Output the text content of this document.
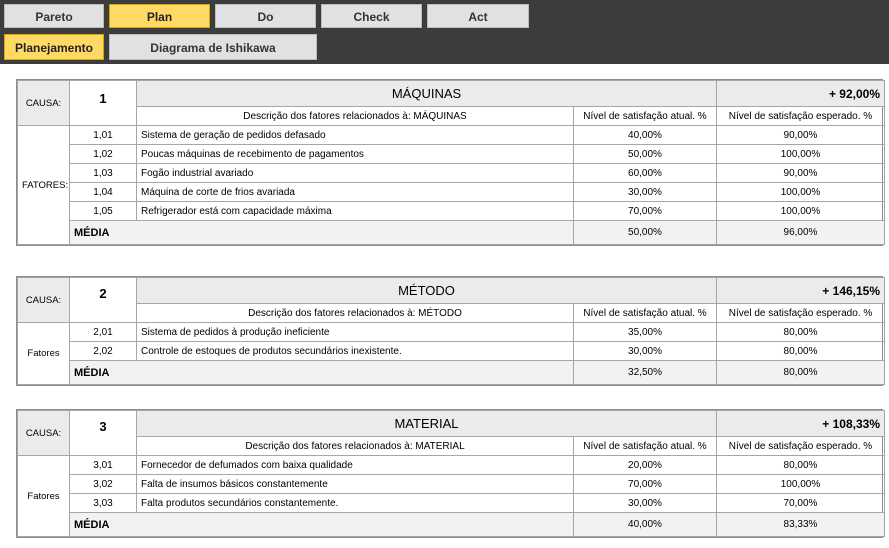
Pareto	Plan	Do	Check	Act
Planejamento	Diagrama de Ishikawa
CAUSA:	1	MÁQUINAS		+ 92,00%
		Descrição dos fatores relacionados à: MÁQUINAS	Nível de satisfação atual. %	Nível de satisfação esperado. %
FATORES:	1,01	Sistema de geração de pedidos defasado	40,00%	90,00%
	1,02	Poucas máquinas de recebimento de pagamentos	50,00%	100,00%
	1,03	Fogão industrial avariado	60,00%	90,00%
	1,04	Máquina de corte de frios avariada	30,00%	100,00%
	1,05	Refrigerador está com capacidade máxima	70,00%	100,00%
	MÉDIA		50,00%	96,00%
CAUSA:	2	MÉTODO		+ 146,15%
		Descrição dos fatores relacionados à: MÉTODO	Nível de satisfação atual. %	Nível de satisfação esperado. %
Fatores	2,01	Sistema de pedidos à produção ineficiente	35,00%	80,00%
	2,02	Controle de estoques de produtos secundários inexistente.	30,00%	80,00%
	MÉDIA		32,50%	80,00%
CAUSA:	3	MATERIAL		+ 108,33%
		Descrição dos fatores relacionados à: MATERIAL	Nível de satisfação atual. %	Nível de satisfação esperado. %
Fatores	3,01	Fornecedor de defumados com baixa qualidade	20,00%	80,00%
	3,02	Falta de insumos básicos constantemente	70,00%	100,00%
	3,03	Falta produtos secundários constantemente.	30,00%	70,00%
	MÉDIA		40,00%	83,33%
